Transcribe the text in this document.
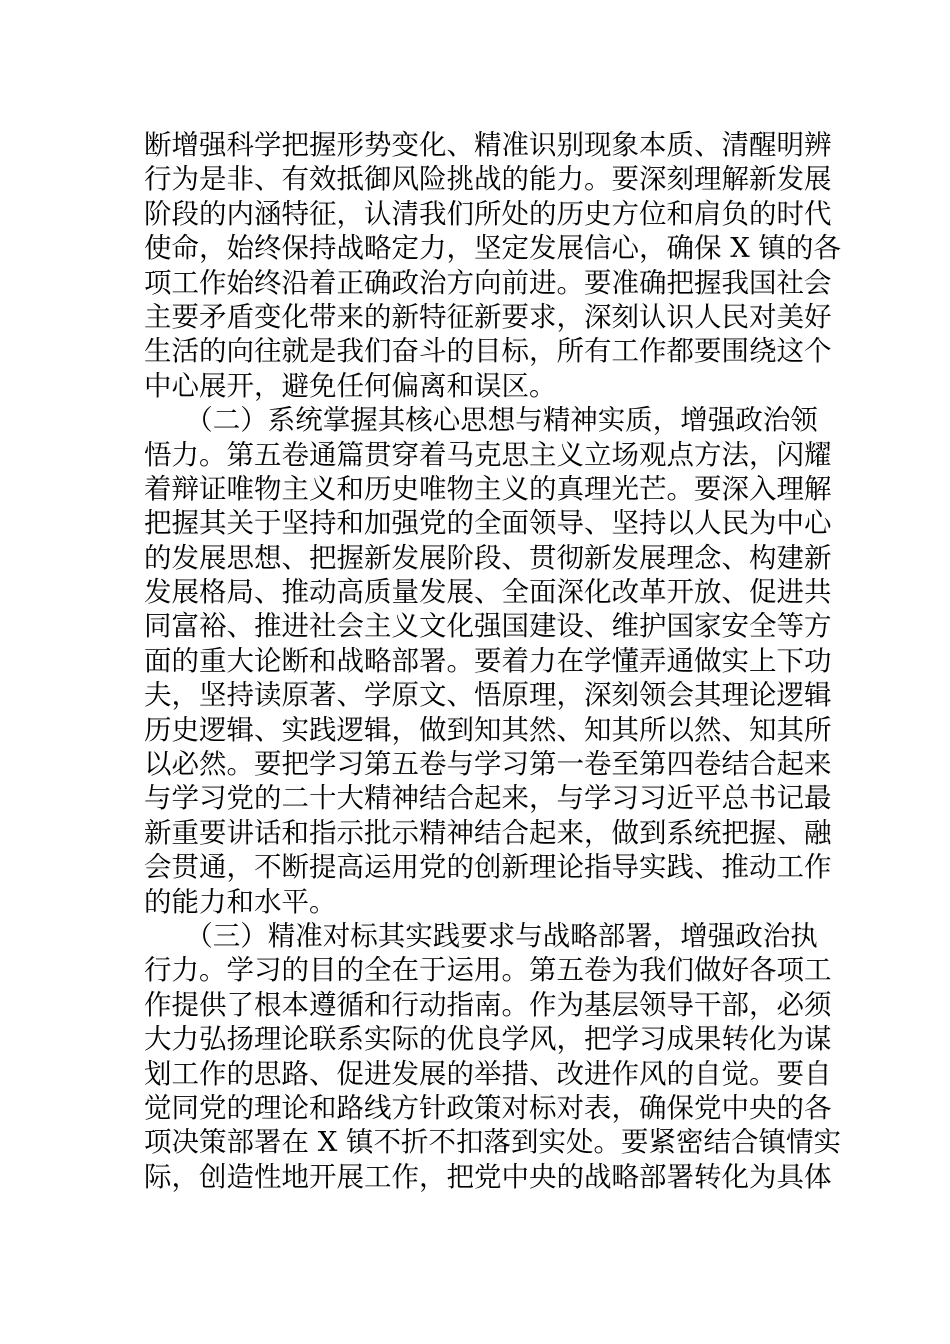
断增强科学把握形势变化、精准识别现象本质、清醒明辨
行为是非、有效抵御风险挑战的能力。要深刻理解新发展
阶段的内涵特征，认清我们所处的历史方位和肩负的时代
使命，始终保持战略定力，坚定发展信心，确保 X 镇的各
项工作始终沿着正确政治方向前进。要准确把握我国社会
主要矛盾变化带来的新特征新要求，深刻认识人民对美好
生活的向往就是我们奋斗的目标，所有工作都要围绕这个
中心展开，避免任何偏离和误区。
　　（二）系统掌握其核心思想与精神实质，增强政治领
悟力。第五卷通篇贯穿着马克思主义立场观点方法，闪耀
着辩证唯物主义和历史唯物主义的真理光芒。要深入理解
把握其关于坚持和加强党的全面领导、坚持以人民为中心
的发展思想、把握新发展阶段、贯彻新发展理念、构建新
发展格局、推动高质量发展、全面深化改革开放、促进共
同富裕、推进社会主义文化强国建设、维护国家安全等方
面的重大论断和战略部署。要着力在学懂弄通做实上下功
夫，坚持读原著、学原文、悟原理，深刻领会其理论逻辑
历史逻辑、实践逻辑，做到知其然、知其所以然、知其所
以必然。要把学习第五卷与学习第一卷至第四卷结合起来
与学习党的二十大精神结合起来，与学习习近平总书记最
新重要讲话和指示批示精神结合起来，做到系统把握、融
会贯通，不断提高运用党的创新理论指导实践、推动工作
的能力和水平。
　　（三）精准对标其实践要求与战略部署，增强政治执
行力。学习的目的全在于运用。第五卷为我们做好各项工
作提供了根本遵循和行动指南。作为基层领导干部，必须
大力弘扬理论联系实际的优良学风，把学习成果转化为谋
划工作的思路、促进发展的举措、改进作风的自觉。要自
觉同党的理论和路线方针政策对标对表，确保党中央的各
项决策部署在 X 镇不折不扣落到实处。要紧密结合镇情实
际，创造性地开展工作，把党中央的战略部署转化为具体
